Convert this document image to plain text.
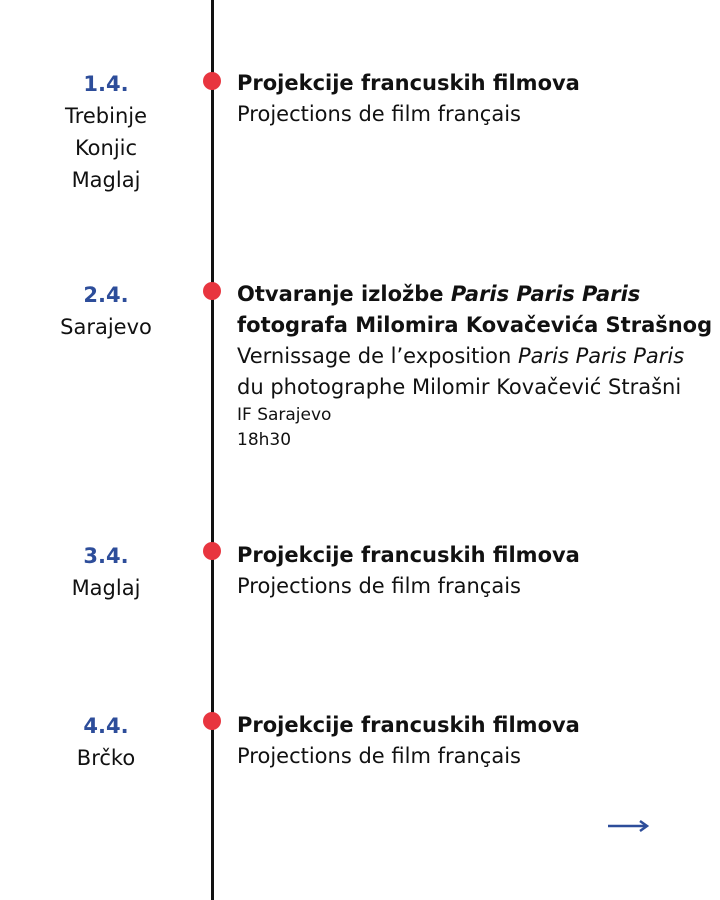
1.4.
Trebinje
Konjic
Maglaj
Projekcije francuskih filmova
Projections de film français
2.4.
Sarajevo
Otvaranje izložbe Paris Paris Paris
fotografa Milomira Kovačevića Strašnog
Vernissage de l’exposition Paris Paris Paris
du photographe Milomir Kovačević Strašni
IF Sarajevo
18h30
3.4.
Maglaj
Projekcije francuskih filmova
Projections de film français
4.4.
Brčko
Projekcije francuskih filmova
Projections de film français
